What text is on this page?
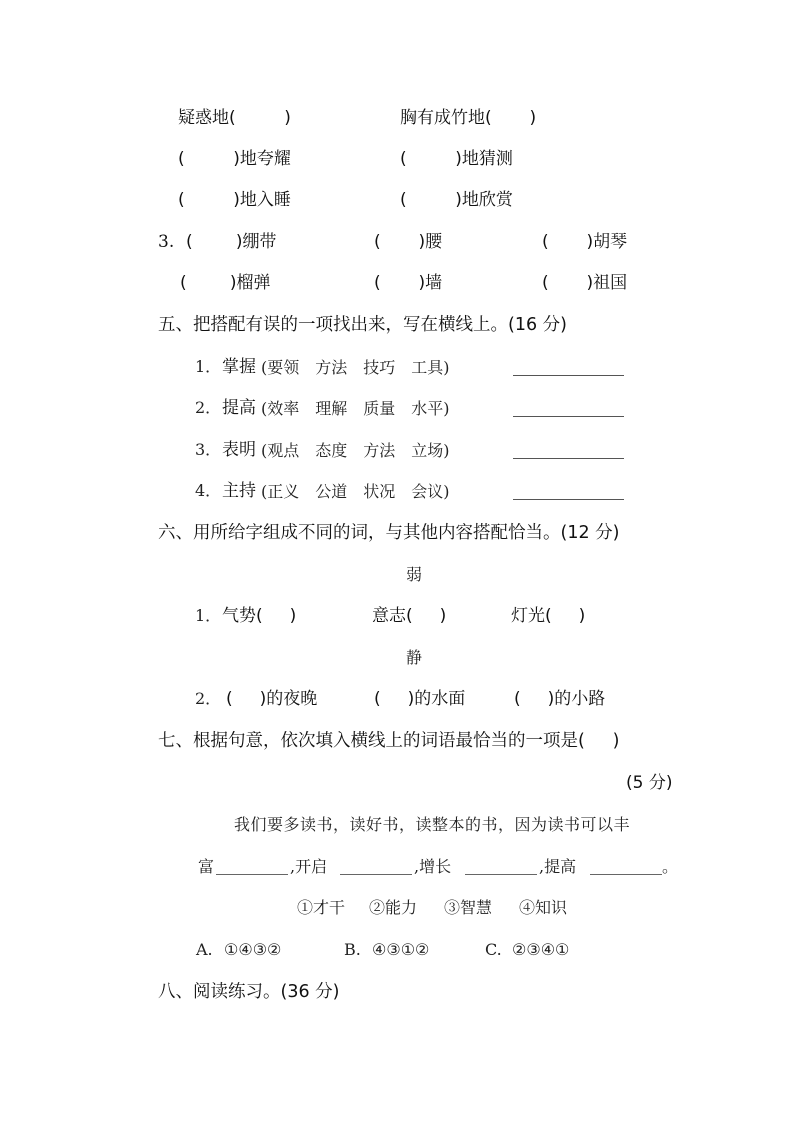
疑惑地(         )	胸有成竹地(       )
(         )地夸耀	(         )地猜测
(         )地入睡	(         )地欣赏
3. (        )绷带	(       )腰	(       )胡琴
(        )榴弹	(       )墙	(       )祖国
五、把搭配有误的一项找出来，写在横线上。(16 分)
1． 掌握 (要领　方法　技巧　工具)
2． 提高 (效率　理解　质量　水平)
3． 表明 (观点　态度　方法　立场)
4． 主持 (正义　公道　状况　会议)
六、用所给字组成不同的词，与其他内容搭配恰当。(12 分)
弱
1． 气势(     )	意志(     )	灯光(     )
静
2． (     )的夜晚	(     )的水面	(     )的小路
七、根据句意，依次填入横线上的词语最恰当的一项是(     )
(5 分)
我们要多读书，读好书，读整本的书，因为读书可以丰
富	,开启	,增长	,提高	。
①才干 ②能力 ③智慧 ④知识
A. ①④③②	B. ④③①②	C. ②③④①
八、阅读练习。(36 分)
